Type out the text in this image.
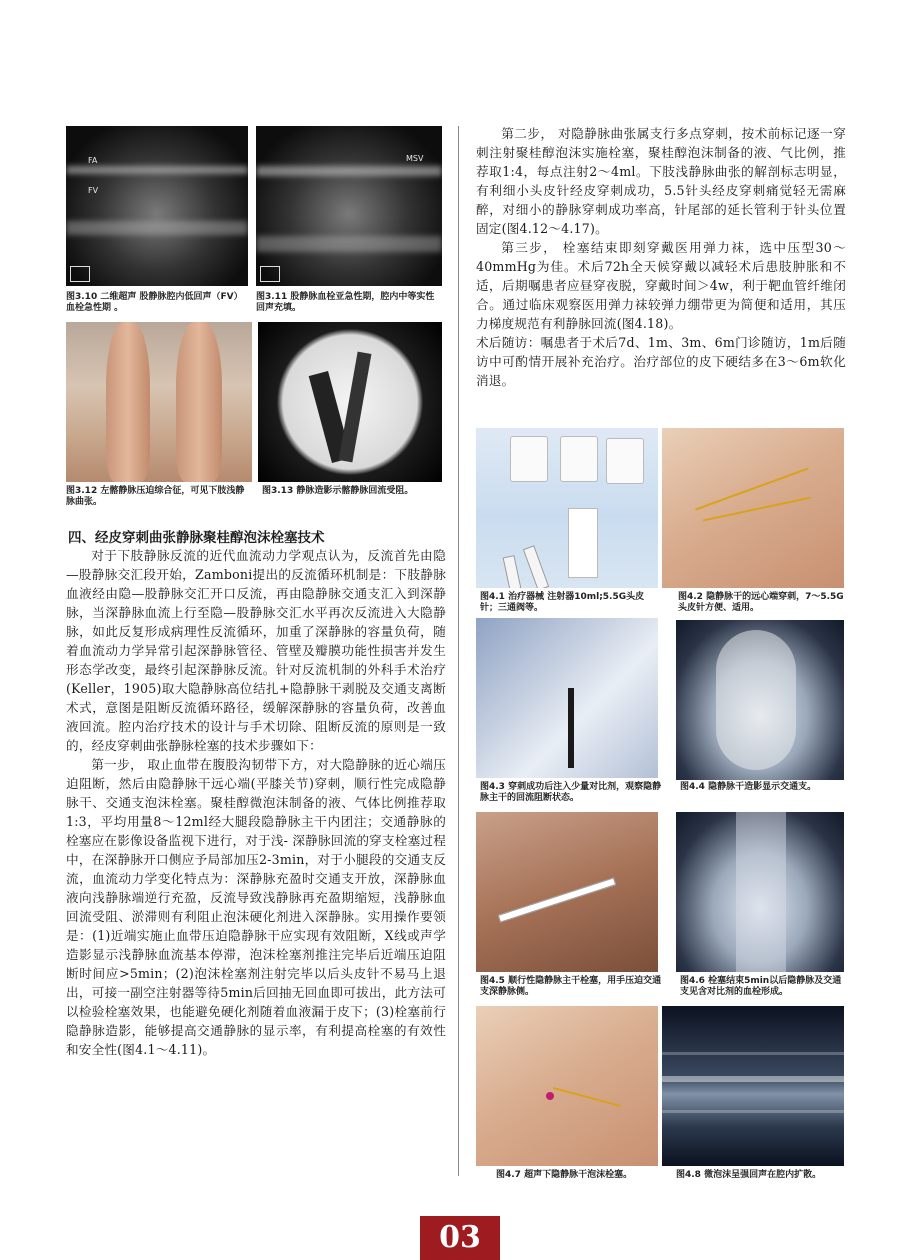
FA
FV
图3.10 二维超声 股静脉腔内低回声（FV）血栓急性期 。
MSV
图3.11 股静脉血栓亚急性期，腔内中等实性回声充填。
图3.12 左髂静脉压迫综合征，可见下肢浅静脉曲张。
图3.13 静脉造影示髂静脉回流受阻。
四、经皮穿刺曲张静脉聚桂醇泡沫栓塞技术

对于下肢静脉反流的近代血流动力学观点认为，反流首先由隐—股静脉交汇段开始，Zamboni提出的反流循环机制是：下肢静脉血液经由隐—股静脉交汇开口反流，再由隐静脉交通支汇入到深静脉，当深静脉血流上行至隐—股静脉交汇水平再次反流进入大隐静脉，如此反复形成病理性反流循环，加重了深静脉的容量负荷，随着血流动力学异常引起深静脉管径、管壁及瓣膜功能性损害并发生形态学改变，最终引起深静脉反流。针对反流机制的外科手术治疗(Keller，1905)取大隐静脉高位结扎+隐静脉干剥脱及交通支离断术式，意图是阻断反流循环路径，缓解深静脉的容量负荷，改善血液回流。腔内治疗技术的设计与手术切除、阻断反流的原则是一致的，经皮穿刺曲张静脉栓塞的技术步骤如下：

第一步， 取止血带在腹股沟韧带下方，对大隐静脉的近心端压迫阻断，然后由隐静脉干远心端(平膝关节)穿刺，顺行性完成隐静脉干、交通支泡沫栓塞。聚桂醇微泡沫制备的液、气体比例推荐取1:3，平均用量8～12ml经大腿段隐静脉主干内团注；交通静脉的栓塞应在影像设备监视下进行，对于浅- 深静脉回流的穿支栓塞过程中，在深静脉开口侧应予局部加压2-3min，对于小腿段的交通支反流，血流动力学变化特点为：深静脉充盈时交通支开放，深静脉血液向浅静脉端逆行充盈，反流导致浅静脉再充盈期缩短，浅静脉血回流受阻、淤滞则有利阻止泡沫硬化剂进入深静脉。实用操作要领是：(1)近端实施止血带压迫隐静脉干应实现有效阻断，X线或声学造影显示浅静脉血流基本停滞，泡沫栓塞剂推注完毕后近端压迫阻断时间应>5min；(2)泡沫栓塞剂注射完毕以后头皮针不易马上退出，可接一副空注射器等待5min后回抽无回血即可拔出，此方法可以检验栓塞效果，也能避免硬化剂随着血液漏于皮下；(3)栓塞前行隐静脉造影，能够提高交通静脉的显示率，有利提高栓塞的有效性和安全性(图4.1～4.11)。

第二步， 对隐静脉曲张属支行多点穿刺，按术前标记逐一穿刺注射聚桂醇泡沫实施栓塞，聚桂醇泡沫制备的液、气比例，推荐取1:4，每点注射2～4ml。下肢浅静脉曲张的解剖标志明显，有利细小头皮针经皮穿刺成功，5.5针头经皮穿刺痛觉轻无需麻醉，对细小的静脉穿刺成功率高，针尾部的延长管利于针头位置固定(图4.12～4.17)。

第三步， 栓塞结束即刻穿戴医用弹力袜，选中压型30～40mmHg为佳。术后72h全天候穿戴以减轻术后患肢肿胀和不适，后期嘱患者应昼穿夜脱，穿戴时间＞4w，利于靶血管纤维闭合。通过临床观察医用弹力袜较弹力绷带更为简便和适用，其压力梯度规范有利静脉回流(图4.18)。

术后随访：嘱患者于术后7d、1m、3m、6m门诊随访，1m后随访中可酌情开展补充治疗。治疗部位的皮下硬结多在3～6m软化消退。

图4.1 治疗器械 注射器10ml;5.5G头皮针；三通阀等。
图4.2 隐静脉干的远心端穿刺，7～5.5G头皮针方便、适用。
图4.3 穿刺成功后注入少量对比剂，观察隐静脉主干的回流阻断状态。
图4.4 隐静脉干造影显示交通支。
图4.5 顺行性隐静脉主干栓塞，用手压迫交通支深静脉侧。
图4.6 栓塞结束5min以后隐静脉及交通支见含对比剂的血栓形成。
图4.7 超声下隐静脉干泡沫栓塞。	图4.8 微泡沫呈强回声在腔内扩散。
03
